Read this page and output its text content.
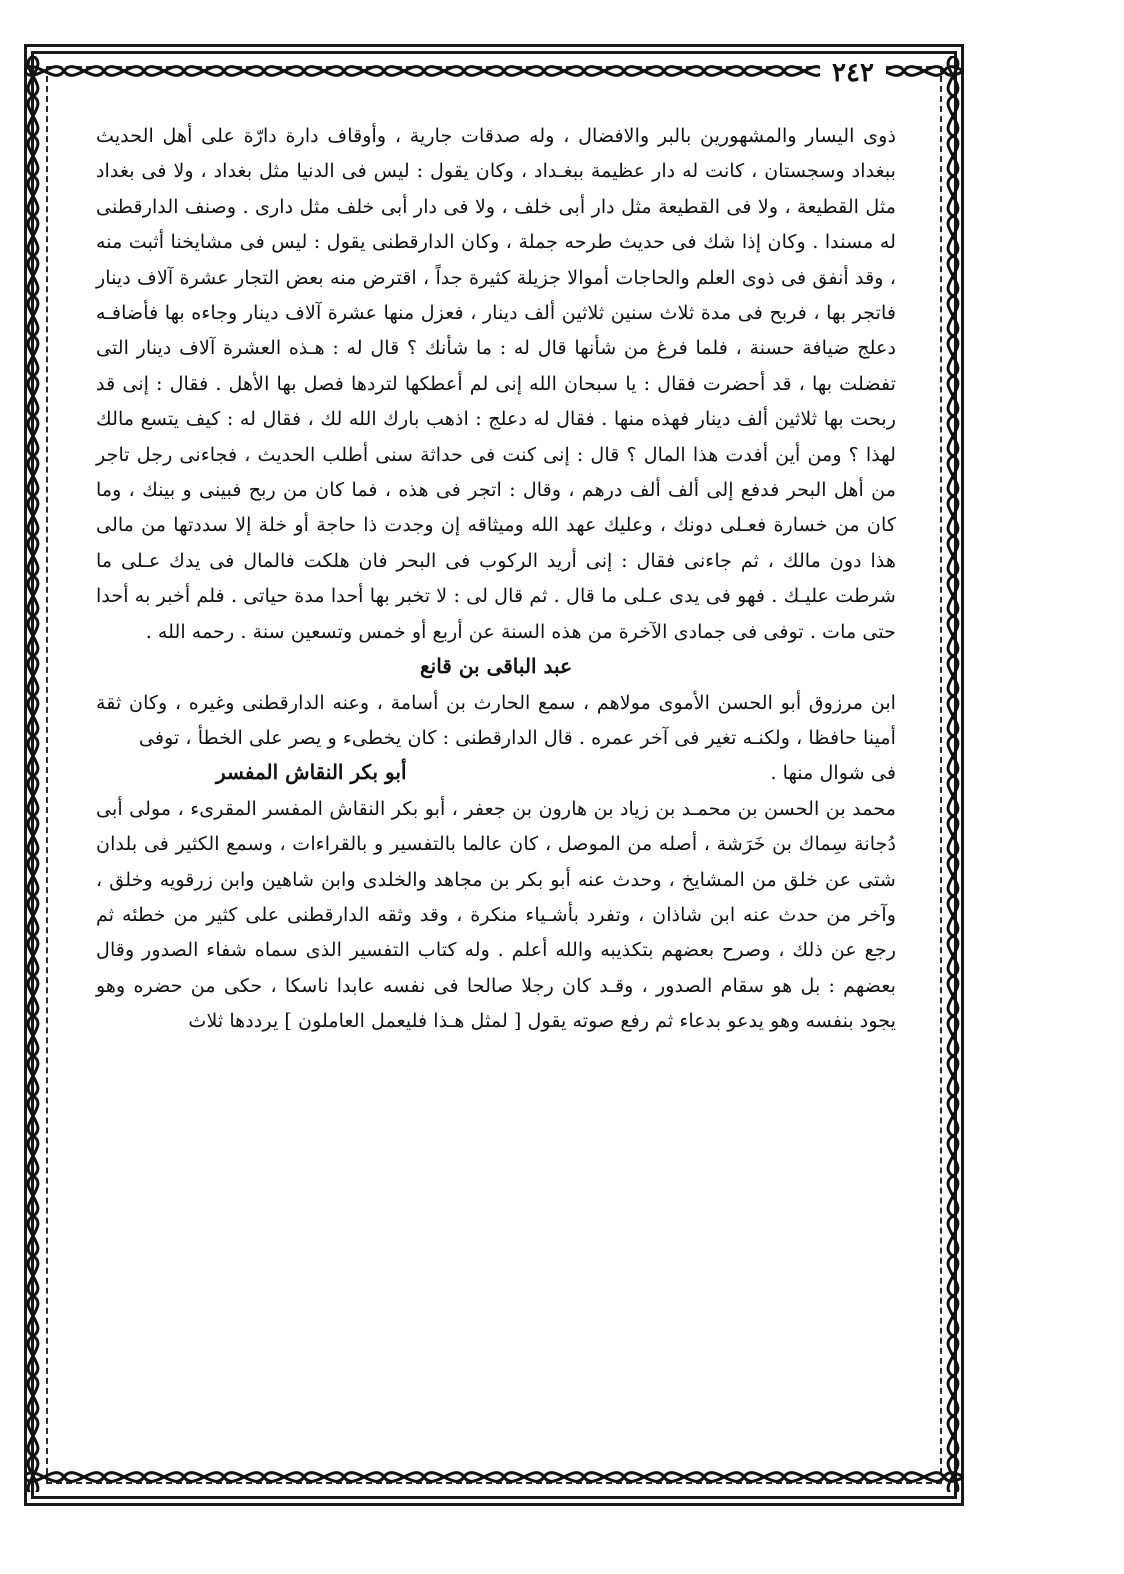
٢٤٢

ذوى اليسار والمشهورين بالبر والافضال ، وله صدقات جارية ، وأوقاف دارة دارّة على أهل الحديث ببغداد وسجستان ، كانت له دار عظيمة ببغـداد ، وكان يقول : ليس فى الدنيا مثل بغداد ، ولا فى بغداد مثل القطيعة ، ولا فى القطيعة مثل دار أبى خلف ، ولا فى دار أبى خلف مثل دارى . وصنف الدارقطنى له مسندا . وكان إذا شك فى حديث طرحه جملة ، وكان الدارقطنى يقول : ليس فى مشايخنا أثبت منه ، وقد أنفق فى ذوى العلم والحاجات أموالا جزيلة كثيرة جداً ، اقترض منه بعض التجار عشرة آلاف دينار فاتجر بها ، فربح فى مدة ثلاث سنين ثلاثين ألف دينار ، فعزل منها عشرة آلاف دينار وجاءه بها فأضافـه دعلج ضيافة حسنة ، فلما فرغ من شأنها قال له : ما شأنك ؟ قال له : هـذه العشرة آلاف دينار التى تفضلت بها ، قد أحضرت فقال : يا سبحان الله إنى لم أعطكها لتردها فصل بها الأهل . فقال : إنى قد ربحت بها ثلاثين ألف دينار فهذه منها . فقال له دعلج : اذهب بارك الله لك ، فقال له : كيف يتسع مالك لهذا ؟ ومن أين أفدت هذا المال ؟ قال : إنى كنت فى حداثة سنى أطلب الحديث ، فجاءنى رجل تاجر من أهل البحر فدفع إلى ألف ألف درهم ، وقال : اتجر فى هذه ، فما كان من ربح فبينى و بينك ، وما كان من خسارة فعـلى دونك ، وعليك عهد الله وميثاقه إن وجدت ذا حاجة أو خلة إلا سددتها من مالى هذا دون مالك ، ثم جاءنى فقال : إنى أريد الركوب فى البحر فان هلكت فالمال فى يدك عـلى ما شرطت عليـك . فهو فى يدى عـلى ما قال . ثم قال لى : لا تخبر بها أحدا مدة حياتى . فلم أخبر به أحدا حتى مات . توفى فى جمادى الآخرة من هذه السنة عن أربع أو خمس وتسعين سنة . رحمه الله .

عبد الباقى بن قانع

ابن مرزوق أبو الحسن الأموى مولاهم ، سمع الحارث بن أسامة ، وعنه الدارقطنى وغيره ، وكان ثقة أمينا حافظا ، ولكنـه تغير فى آخر عمره . قال الدارقطنى : كان يخطىء و يصر على الخطأ ، توفى

فى شوال منها .
أبو بكر النقاش المفسر

محمد بن الحسن بن محمـد بن زياد بن هارون بن جعفر ، أبو بكر النقاش المفسر المقرىء ، مولى أبى دُجانة سِماك بن خَرَشة ، أصله من الموصل ، كان عالما بالتفسير و بالقراءات ، وسمع الكثير فى بلدان شتى عن خلق من المشايخ ، وحدث عنه أبو بكر بن مجاهد والخلدى وابن شاهين وابن زرقويه وخلق ، وآخر من حدث عنه ابن شاذان ، وتفرد بأشـياء منكرة ، وقد وثقه الدارقطنى على كثير من خطئه ثم رجع عن ذلك ، وصرح بعضهم بتكذيبه والله أعلم . وله كتاب التفسير الذى سماه شفاء الصدور وقال بعضهم : بل هو سقام الصدور ، وقـد كان رجلا صالحا فى نفسه عابدا ناسكا ، حكى من حضره وهو يجود بنفسه وهو يدعو بدعاء ثم رفع صوته يقول [ لمثل هـذا فليعمل العاملون ] يرددها ثلاث
